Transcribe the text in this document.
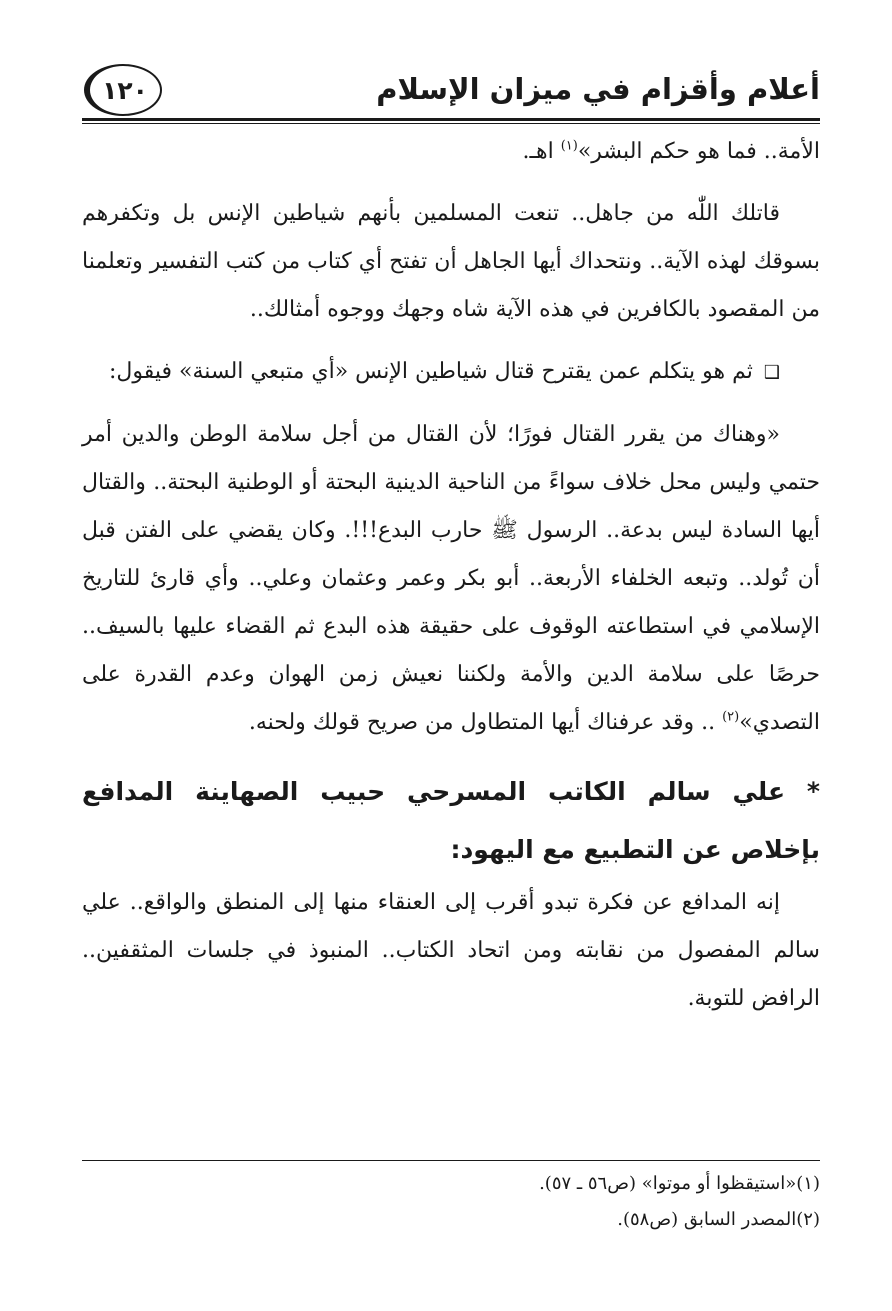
أعلام وأقزام في ميزان الإسلام
١٢٠

الأمة.. فما هو حكم البشر»$^{(١)}$ اهـ.

قاتلك اللّٰه من جاهل.. تنعت المسلمين بأنهم شياطين الإنس بل وتكفرهم بسوقك لهذه الآية.. ونتحداك أيها الجاهل أن تفتح أي كتاب من كتب التفسير وتعلمنا من المقصود بالكافرين في هذه الآية شاه وجهك ووجوه أمثالك..

❑ ثم هو يتكلم عمن يقترح قتال شياطين الإنس «أي متبعي السنة» فيقول:

«وهناك من يقرر القتال فورًا؛ لأن القتال من أجل سلامة الوطن والدين أمر حتمي وليس محل خلاف سواءً من الناحية الدينية البحتة أو الوطنية البحتة.. والقتال أيها السادة ليس بدعة.. الرسول ﷺ حارب البدع!!!. وكان يقضي على الفتن قبل أن تُولد.. وتبعه الخلفاء الأربعة.. أبو بكر وعمر وعثمان وعلي.. وأي قارئ للتاريخ الإسلامي في استطاعته الوقوف على حقيقة هذه البدع ثم القضاء عليها بالسيف.. حرصًا على سلامة الدين والأمة ولكننا نعيش زمن الهوان وعدم القدرة على التصدي»$^{(٢)}$ .. وقد عرفناك أيها المتطاول من صريح قولك ولحنه.

* علي سالم الكاتب المسرحي حبيب الصهاينة المدافع بإخلاص عن التطبيع مع اليهود:

إنه المدافع عن فكرة تبدو أقرب إلى العنقاء منها إلى المنطق والواقع.. علي سالم المفصول من نقابته ومن اتحاد الكتاب.. المنبوذ في جلسات المثقفين.. الرافض للتوبة.

(١)«استيقظوا أو موتوا» (ص٥٦ ـ ٥٧).

(٢)المصدر السابق (ص٥٨).
